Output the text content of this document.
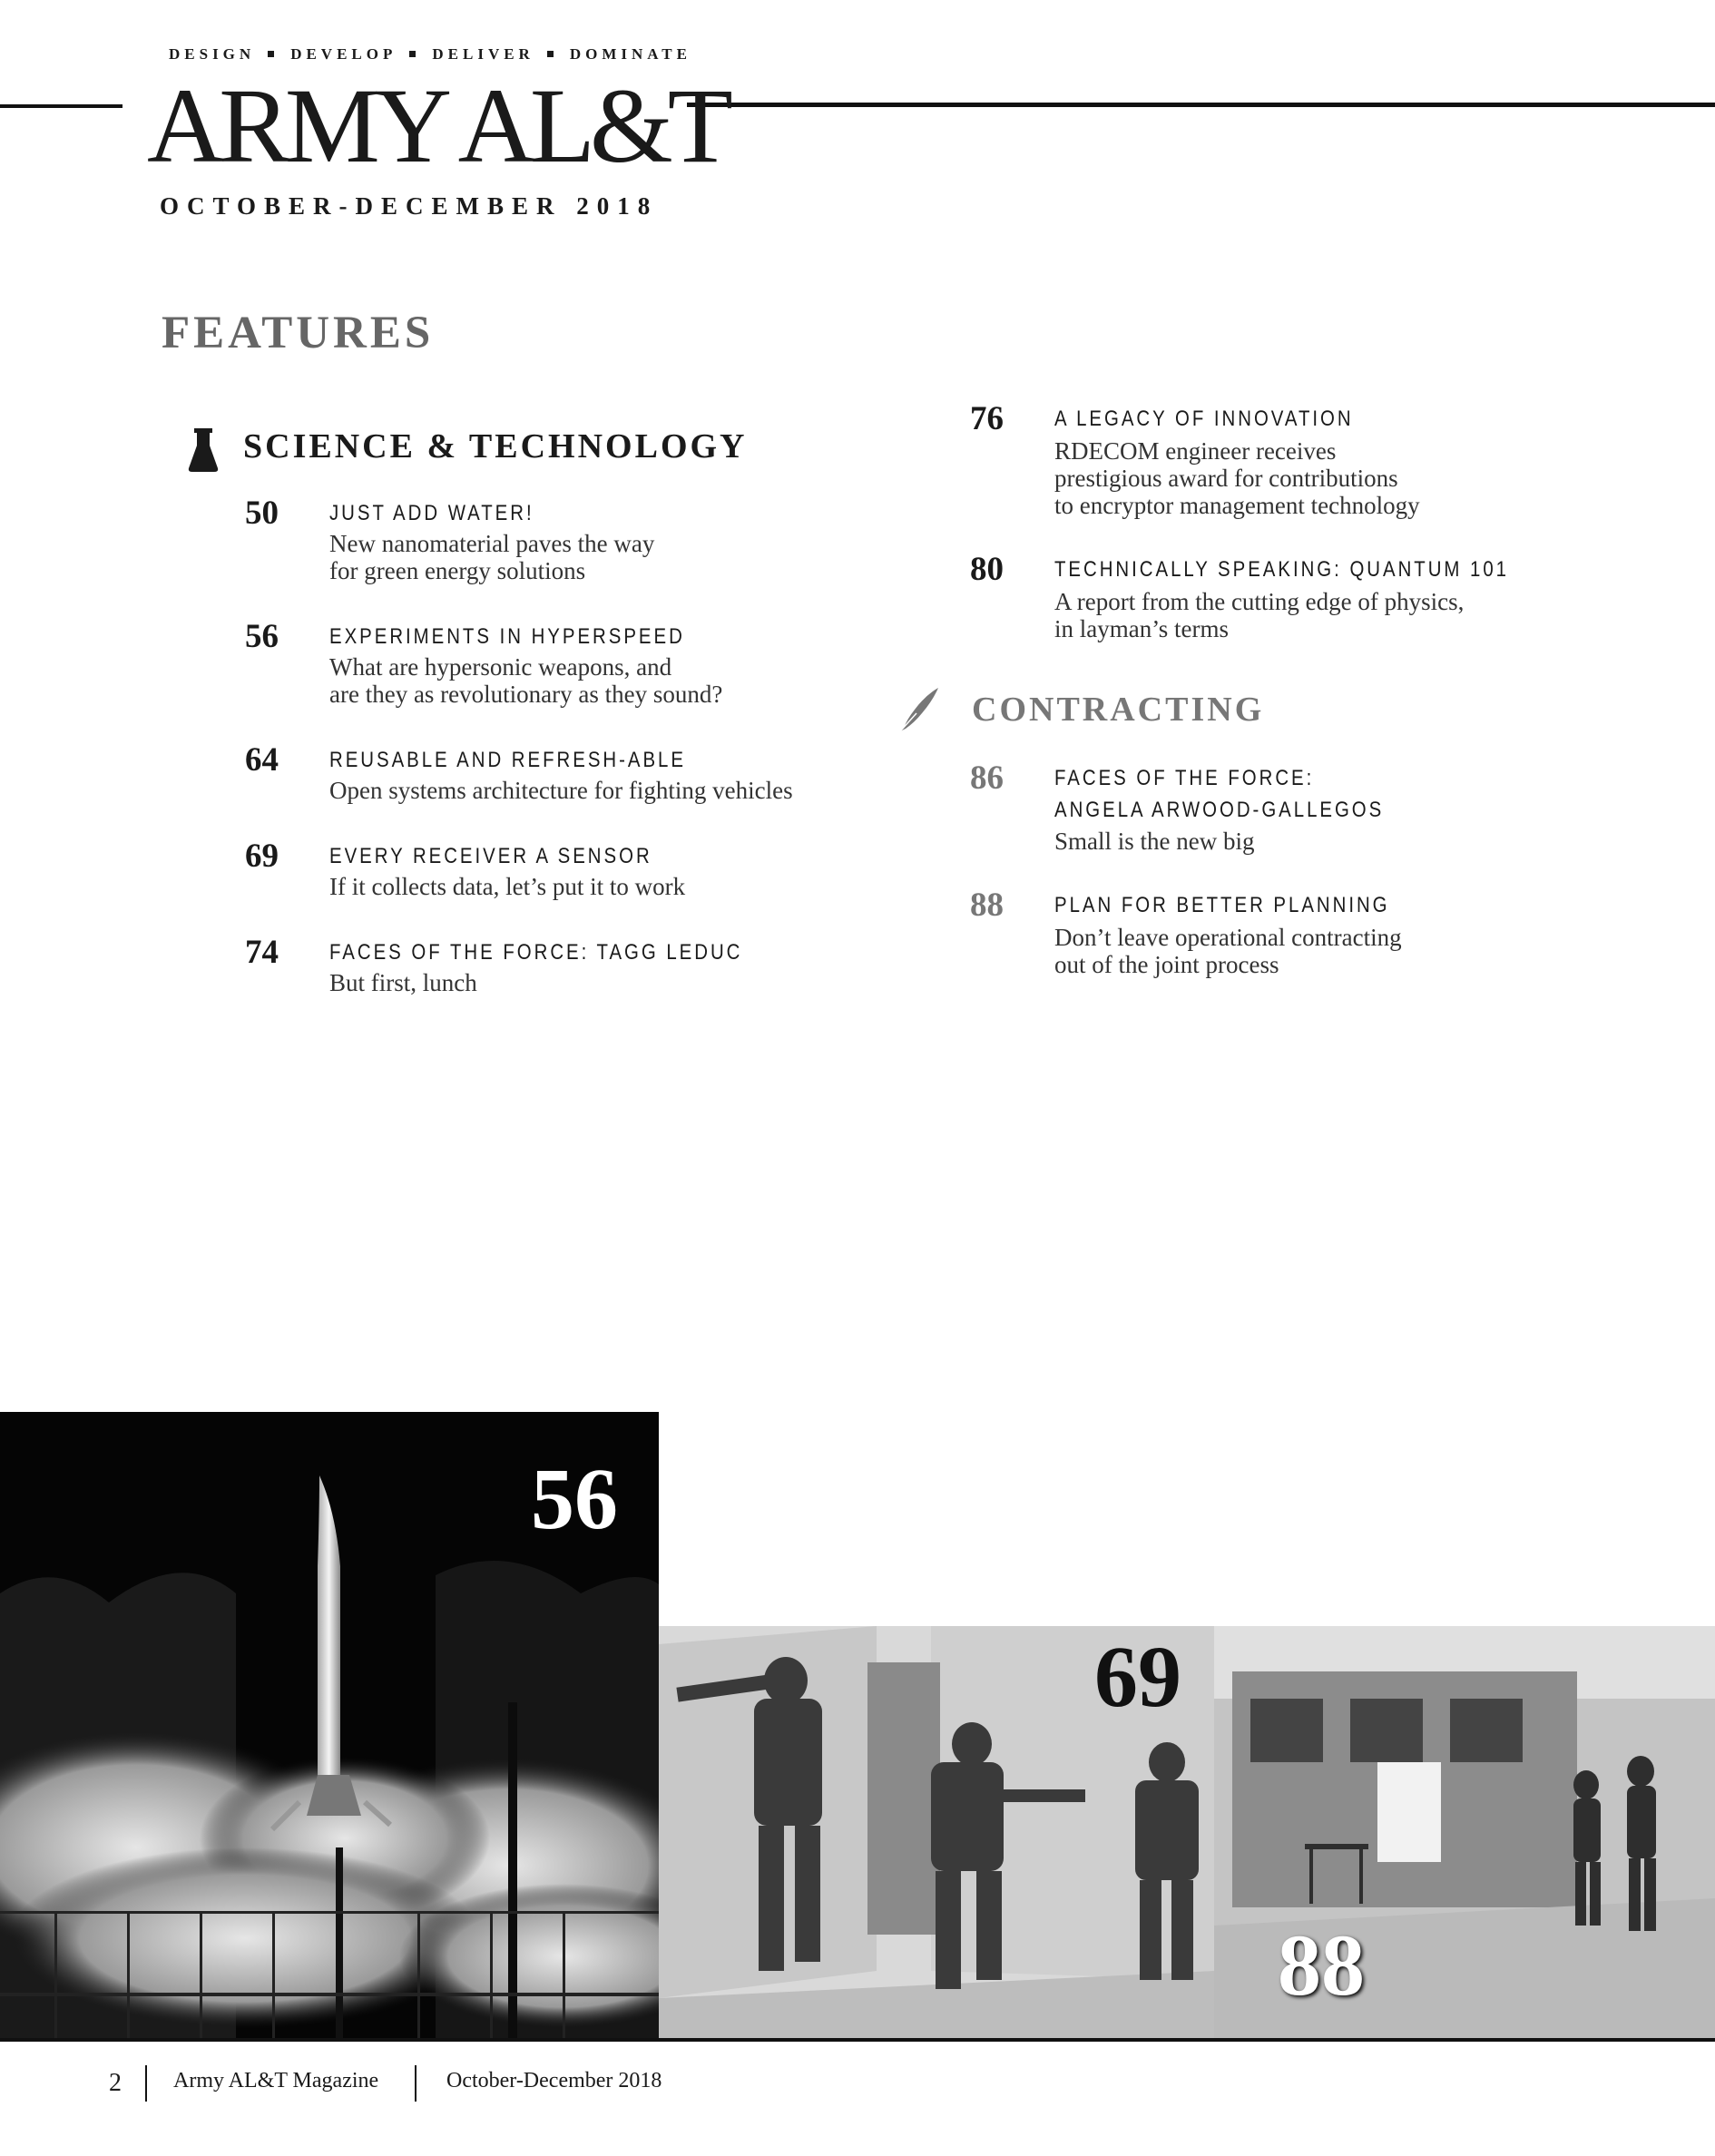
DESIGN DEVELOP DELIVER DOMINATE
ARMY AL&T
OCTOBER-DECEMBER 2018
FEATURES
SCIENCE & TECHNOLOGY
50 JUST ADD WATER!
New nanomaterial paves the way
for green energy solutions
56 EXPERIMENTS IN HYPERSPEED
What are hypersonic weapons, and
are they as revolutionary as they sound?
64 REUSABLE AND REFRESH-ABLE
Open systems architecture for fighting vehicles
69 EVERY RECEIVER A SENSOR
If it collects data, let’s put it to work
74 FACES OF THE FORCE: TAGG LEDUC
But first, lunch
76 A LEGACY OF INNOVATION
RDECOM engineer receives
prestigious award for contributions
to encryptor management technology
80 TECHNICALLY SPEAKING: QUANTUM 101
A report from the cutting edge of physics,
in layman’s terms
CONTRACTING
86 FACES OF THE FORCE:
ANGELA ARWOOD-GALLEGOS
Small is the new big
88 PLAN FOR BETTER PLANNING
Don’t leave operational contracting
out of the joint process
56
69
88
2 Army AL&T Magazine	October-December 2018
